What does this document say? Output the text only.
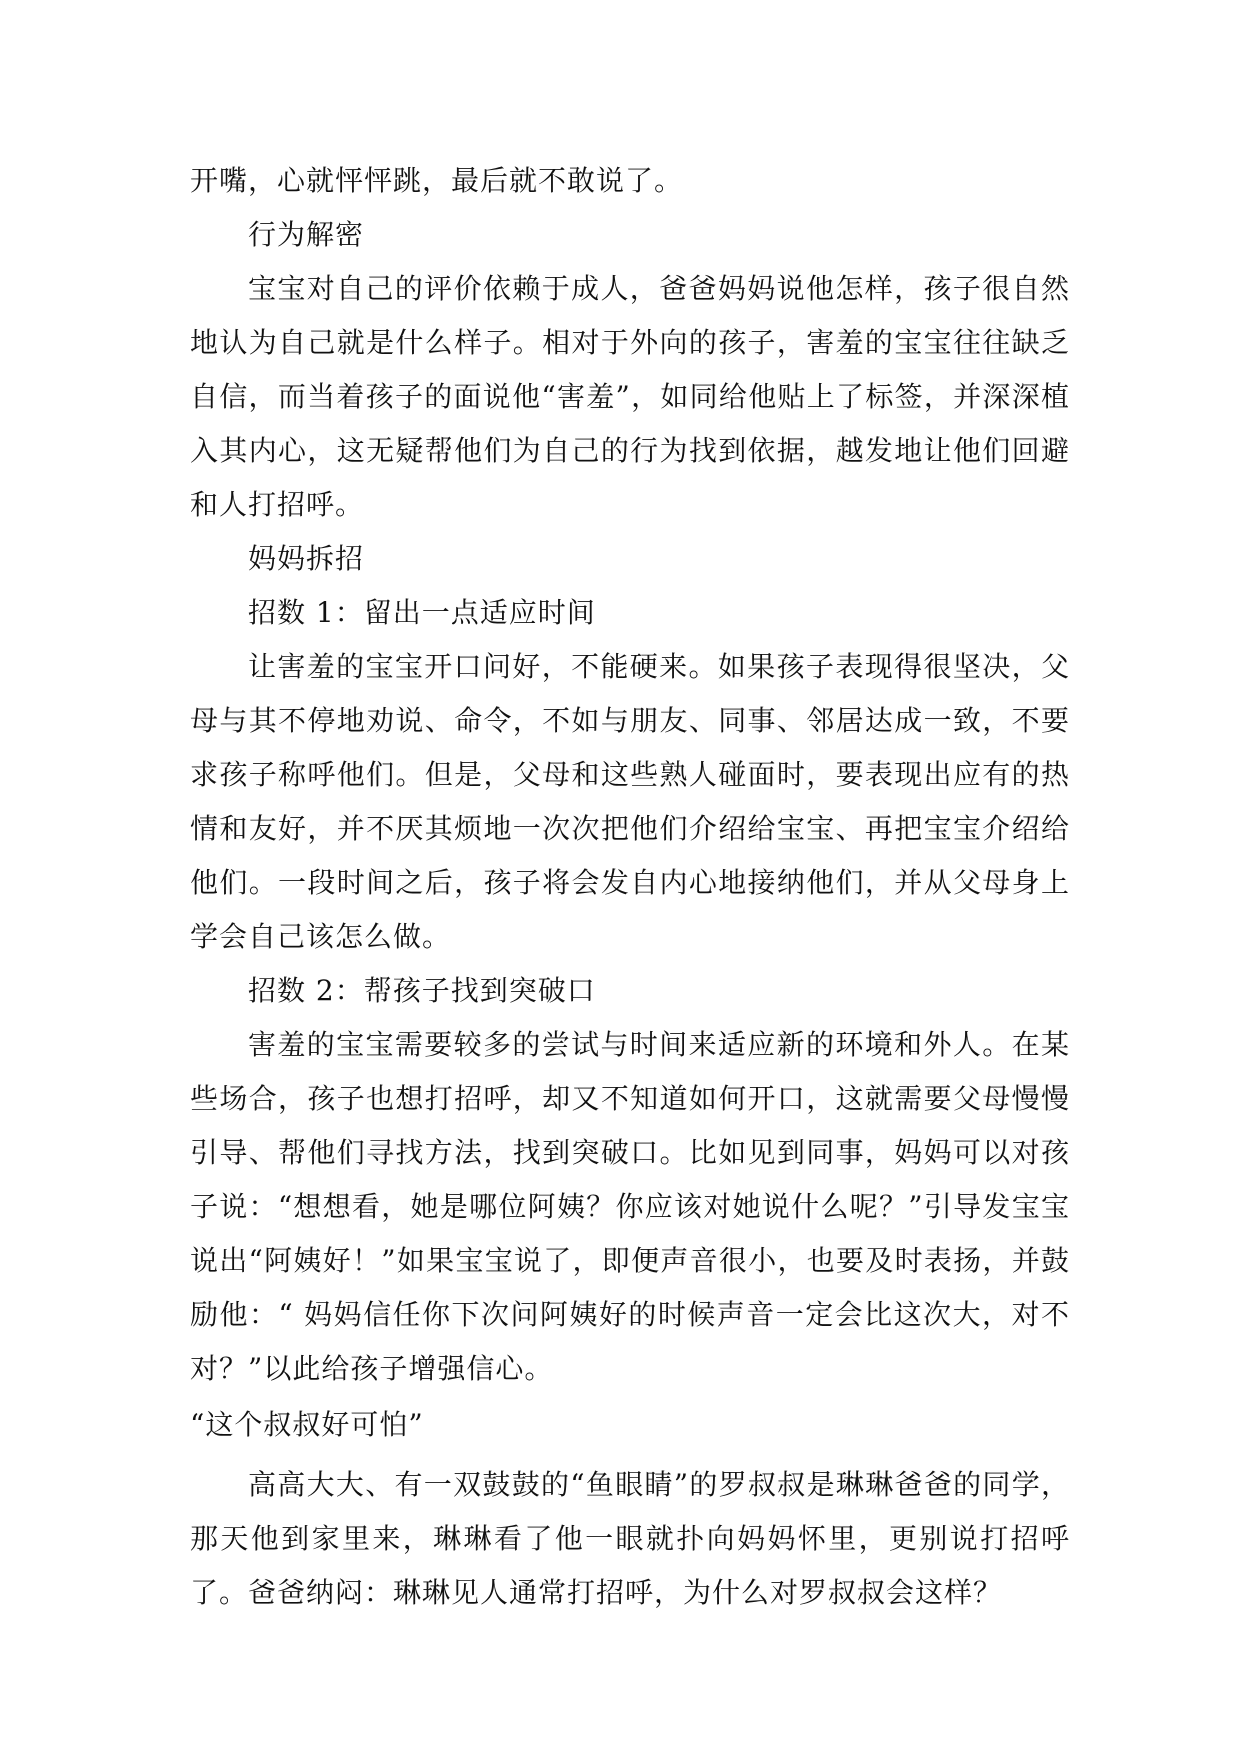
开嘴，心就怦怦跳，最后就不敢说了。

行为解密

宝宝对自己的评价依赖于成人，爸爸妈妈说他怎样，孩子很自然地认为自己就是什么样子。相对于外向的孩子，害羞的宝宝往往缺乏自信，而当着孩子的面说他“害羞”，如同给他贴上了标签，并深深植入其内心，这无疑帮他们为自己的行为找到依据，越发地让他们回避和人打招呼。

妈妈拆招

招数 1：留出一点适应时间

让害羞的宝宝开口问好，不能硬来。如果孩子表现得很坚决，父母与其不停地劝说、命令，不如与朋友、同事、邻居达成一致，不要求孩子称呼他们。但是，父母和这些熟人碰面时，要表现出应有的热情和友好，并不厌其烦地一次次把他们介绍给宝宝、再把宝宝介绍给他们。一段时间之后，孩子将会发自内心地接纳他们，并从父母身上学会自己该怎么做。

招数 2：帮孩子找到突破口

害羞的宝宝需要较多的尝试与时间来适应新的环境和外人。在某些场合，孩子也想打招呼，却又不知道如何开口，这就需要父母慢慢引导、帮他们寻找方法，找到突破口。比如见到同事，妈妈可以对孩子说：“想想看，她是哪位阿姨？你应该对她说什么呢？”引导发宝宝说出“阿姨好！”如果宝宝说了，即便声音很小，也要及时表扬，并鼓励他：“ 妈妈信任你下次问阿姨好的时候声音一定会比这次大，对不对？”以此给孩子增强信心。

“这个叔叔好可怕”

高高大大、有一双鼓鼓的“鱼眼睛”的罗叔叔是琳琳爸爸的同学，那天他到家里来，琳琳看了他一眼就扑向妈妈怀里，更别说打招呼了。爸爸纳闷：琳琳见人通常打招呼，为什么对罗叔叔会这样？
